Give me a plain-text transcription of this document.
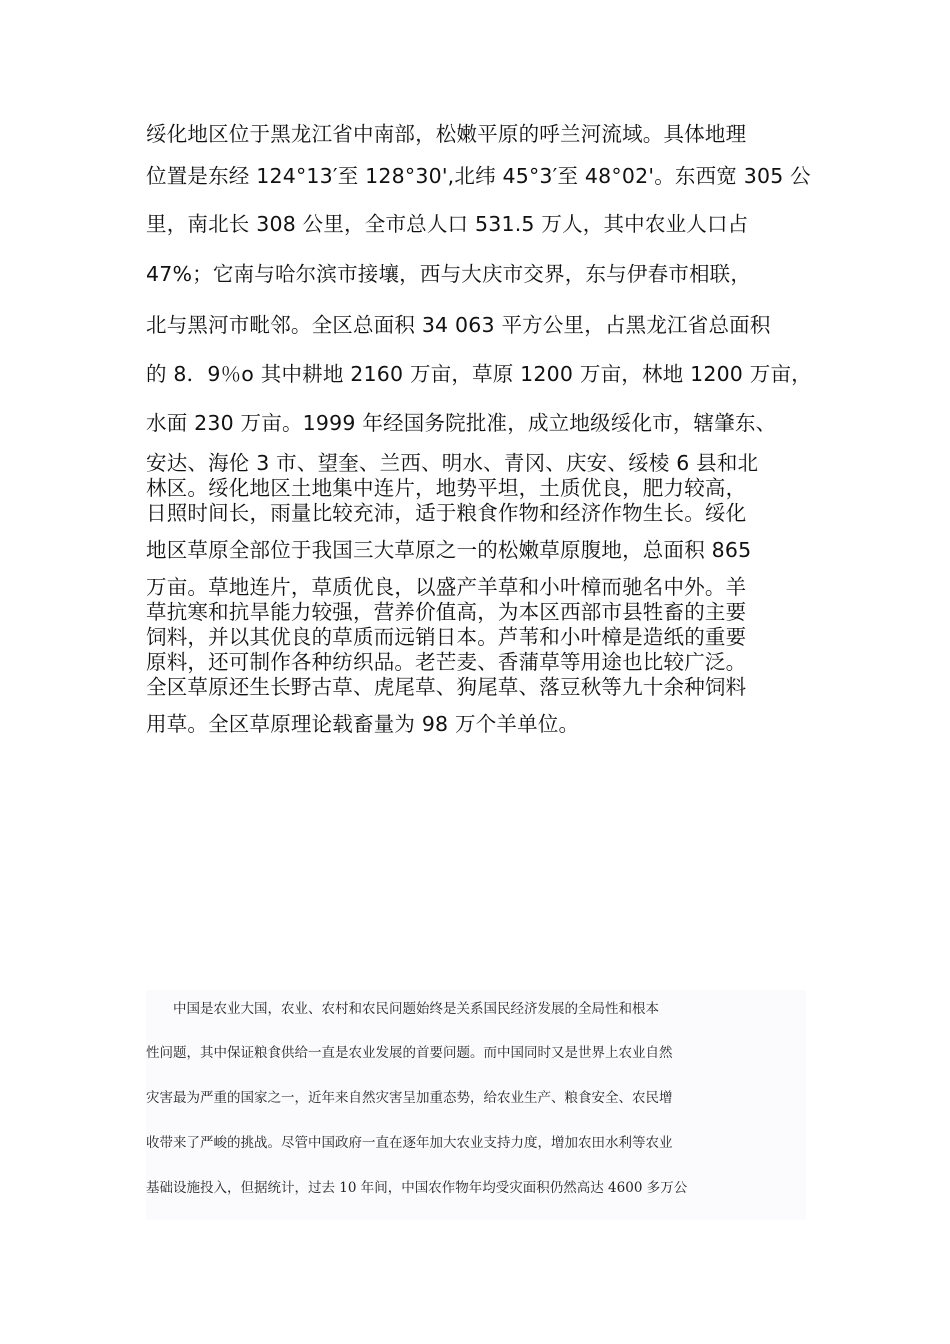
绥化地区位于黑龙江省中南部，松嫩平原的呼兰河流域。具体地理
位置是东经 124°13′至 128°30',北纬 45°3′至 48°02'。东西宽 305 公
里，南北长 308 公里，全市总人口 531.5 万人，其中农业人口占
47%；它南与哈尔滨市接壤，西与大庆市交界，东与伊春市相联，
北与黑河市毗邻。全区总面积 34 063 平方公里，占黑龙江省总面积
的 8．9％o 其中耕地 2160 万亩，草原 1200 万亩，林地 1200 万亩，
水面 230 万亩。1999 年经国务院批准，成立地级绥化市，辖肇东、
安达、海伦 3 市、望奎、兰西、明水、青冈、庆安、绥棱 6 县和北
林区。绥化地区土地集中连片，地势平坦，土质优良，肥力较高，
日照时间长，雨量比较充沛，适于粮食作物和经济作物生长。绥化
地区草原全部位于我国三大草原之一的松嫩草原腹地，总面积 865
万亩。草地连片，草质优良，以盛产羊草和小叶樟而驰名中外。羊
草抗寒和抗旱能力较强，营养价值高，为本区西部市县牲畜的主要
饲料，并以其优良的草质而远销日本。芦苇和小叶樟是造纸的重要
原料，还可制作各种纺织品。老芒麦、香蒲草等用途也比较广泛。
全区草原还生长野古草、虎尾草、狗尾草、落豆秋等九十余种饲料
用草。全区草原理论载畜量为 98 万个羊单位。
　　中国是农业大国，农业、农村和农民问题始终是关系国民经济发展的全局性和根本
性问题，其中保证粮食供给一直是农业发展的首要问题。而中国同时又是世界上农业自然
灾害最为严重的国家之一，近年来自然灾害呈加重态势，给农业生产、粮食安全、农民增
收带来了严峻的挑战。尽管中国政府一直在逐年加大农业支持力度，增加农田水利等农业
基础设施投入，但据统计，过去 10 年间，中国农作物年均受灾面积仍然高达 4600 多万公
